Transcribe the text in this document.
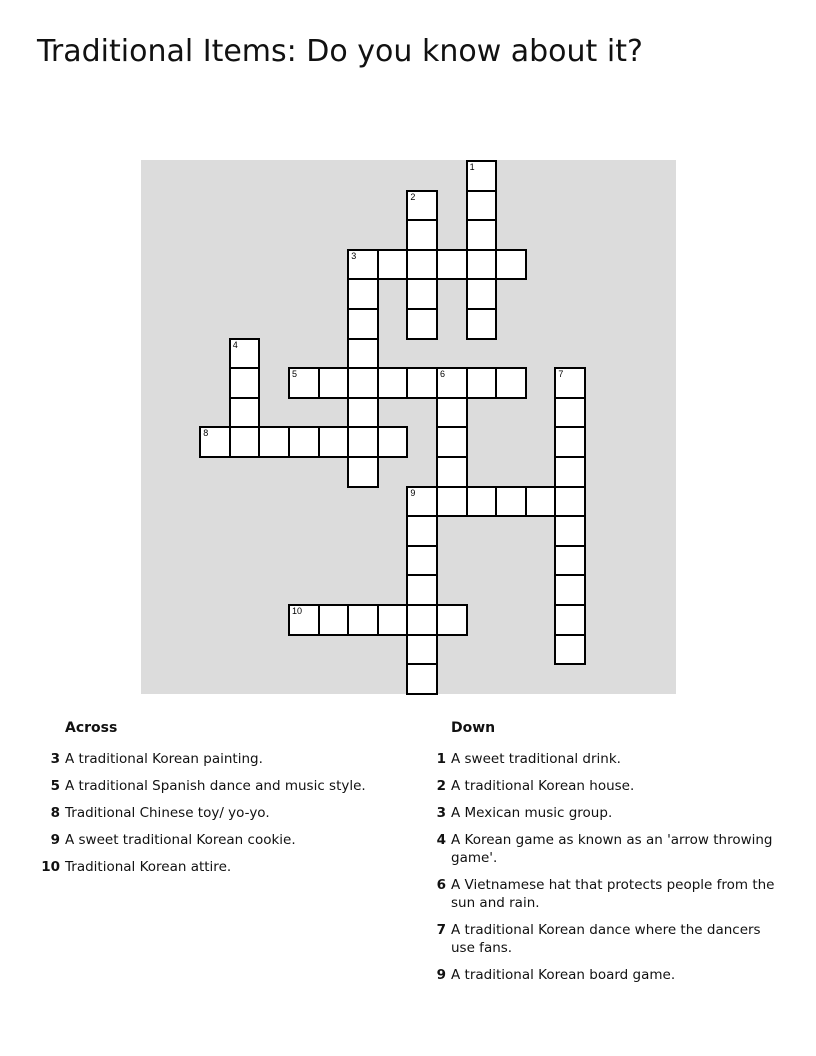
Traditional Items: Do you know about it?
1
2
3
4
5	6	7
8
9
10
Across
3 A traditional Korean painting.
5 A traditional Spanish dance and music style.
8 Traditional Chinese toy/ yo-yo.
9 A sweet traditional Korean cookie.
10 Traditional Korean attire.
Down
1 A sweet traditional drink.
2 A traditional Korean house.
3 A Mexican music group.
4 A Korean game as known as an 'arrow throwing game'.
6 A Vietnamese hat that protects people from the sun and rain.
7 A traditional Korean dance where the dancers use fans.
9 A traditional Korean board game.
